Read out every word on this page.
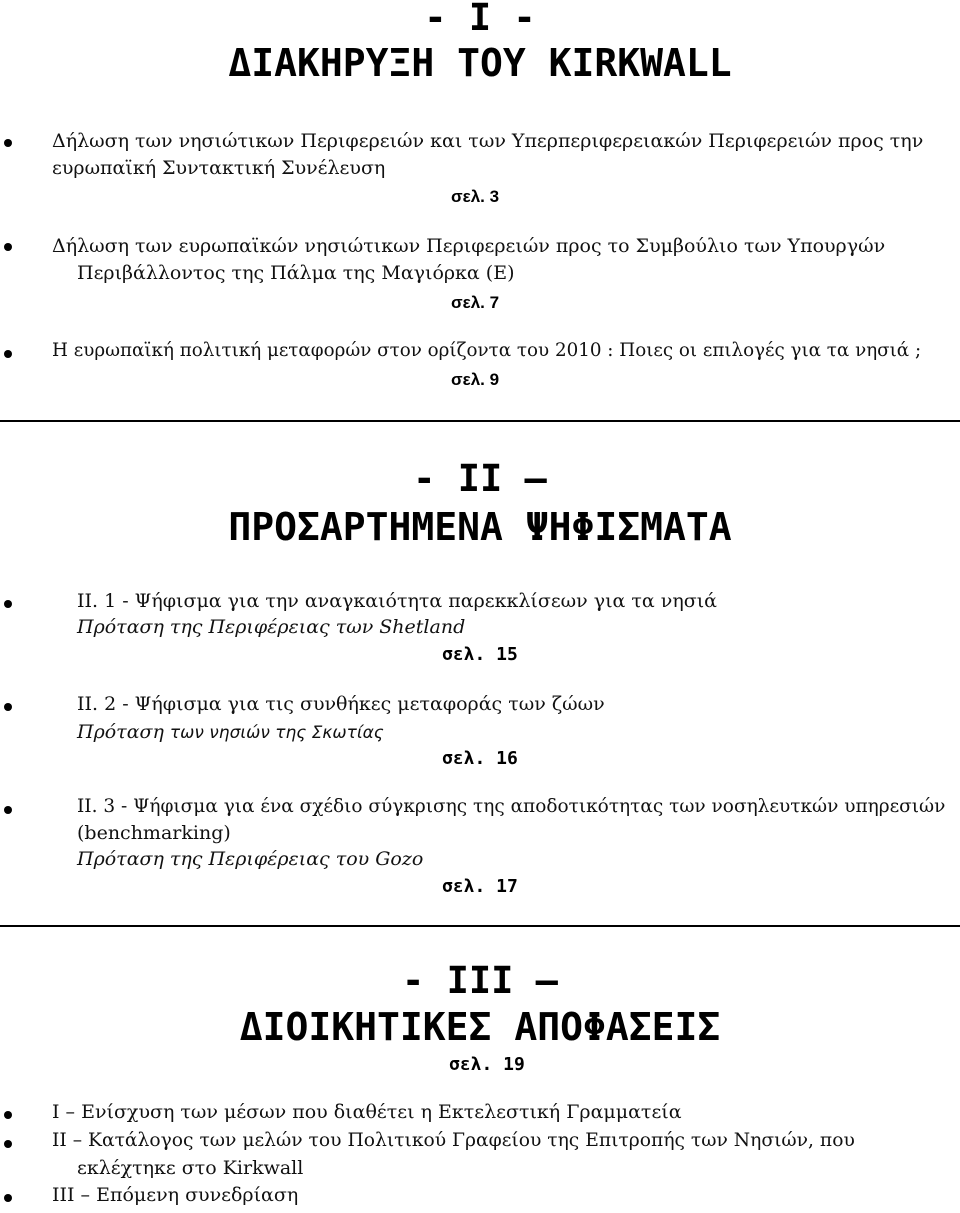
- I -
ΔΙΑΚΗΡΥΞΗ ΤΟΥ KIRKWALL
Δήλωση των νησιώτικων Περιφερειών και των Υπερπεριφερειακών Περιφερειών προς την
ευρωπαϊκή Συντακτική Συνέλευση
σελ. 3
Δήλωση των ευρωπαϊκών νησιώτικων Περιφερειών προς το Συμβούλιο των Υπουργών
Περιβάλλοντος της Πάλμα της Μαγιόρκα (Ε)
σελ. 7
Η ευρωπαϊκή πολιτική μεταφορών στον ορίζοντα του 2010 : Ποιες οι επιλογές για τα νησιά ;
σελ. 9
- II –
ΠΡΟΣΑΡΤΗΜΕΝΑ ΨΗΦΙΣΜΑΤΑ
II. 1 - Ψήφισμα για την αναγκαιότητα παρεκκλίσεων για τα νησιά
Πρόταση της Περιφέρειας των Shetland
σελ. 15
II. 2 - Ψήφισμα για τις συνθήκες μεταφοράς των ζώων
Πρόταση των νησιών της Σκωτίας
σελ. 16
II. 3 - Ψήφισμα για ένα σχέδιο σύγκρισης της αποδοτικότητας των νοσηλευτκών υπηρεσιών
(benchmarking)
Πρόταση της Περιφέρειας του Gozo
σελ. 17
- III –
ΔΙΟΙΚΗΤΙΚΕΣ ΑΠΟΦΑΣΕΙΣ
σελ. 19
I – Ενίσχυση των μέσων που διαθέτει η Εκτελεστική Γραμματεία
II – Κατάλογος των μελών του Πολιτικού Γραφείου της Επιτροπής των Νησιών, που
εκλέχτηκε στο Kirkwall
III – Επόμενη συνεδρίαση
